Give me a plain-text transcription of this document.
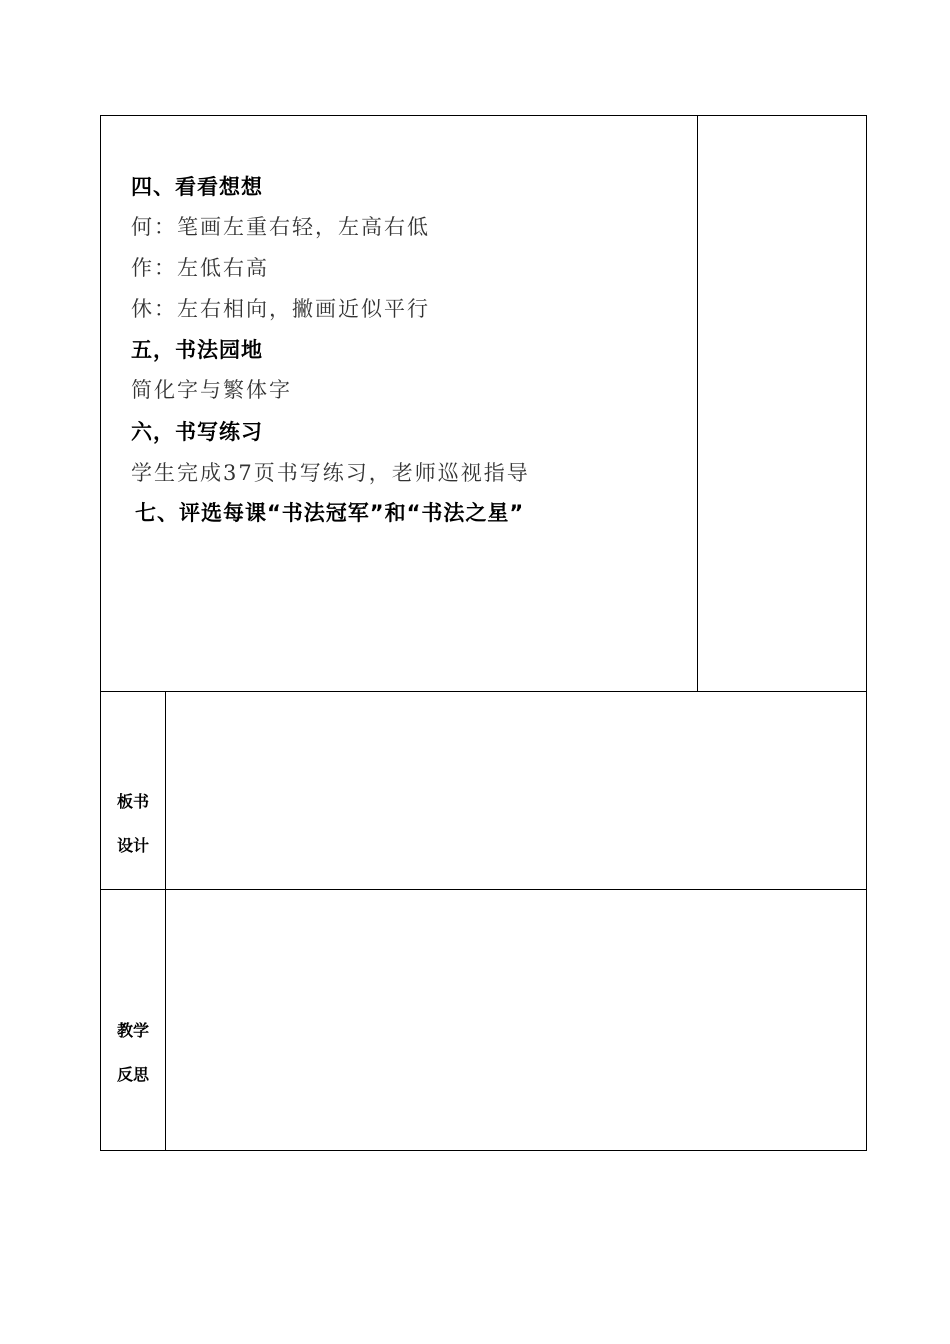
四、看看想想
何：笔画左重右轻，左高右低
作：左低右高
休：左右相向，撇画近似平行
五，书法园地
简化字与繁体字
六，书写练习
学生完成37页书写练习，老师巡视指导
七、评选每课“书法冠军”和“书法之星”

板书

设计

教学

反思
